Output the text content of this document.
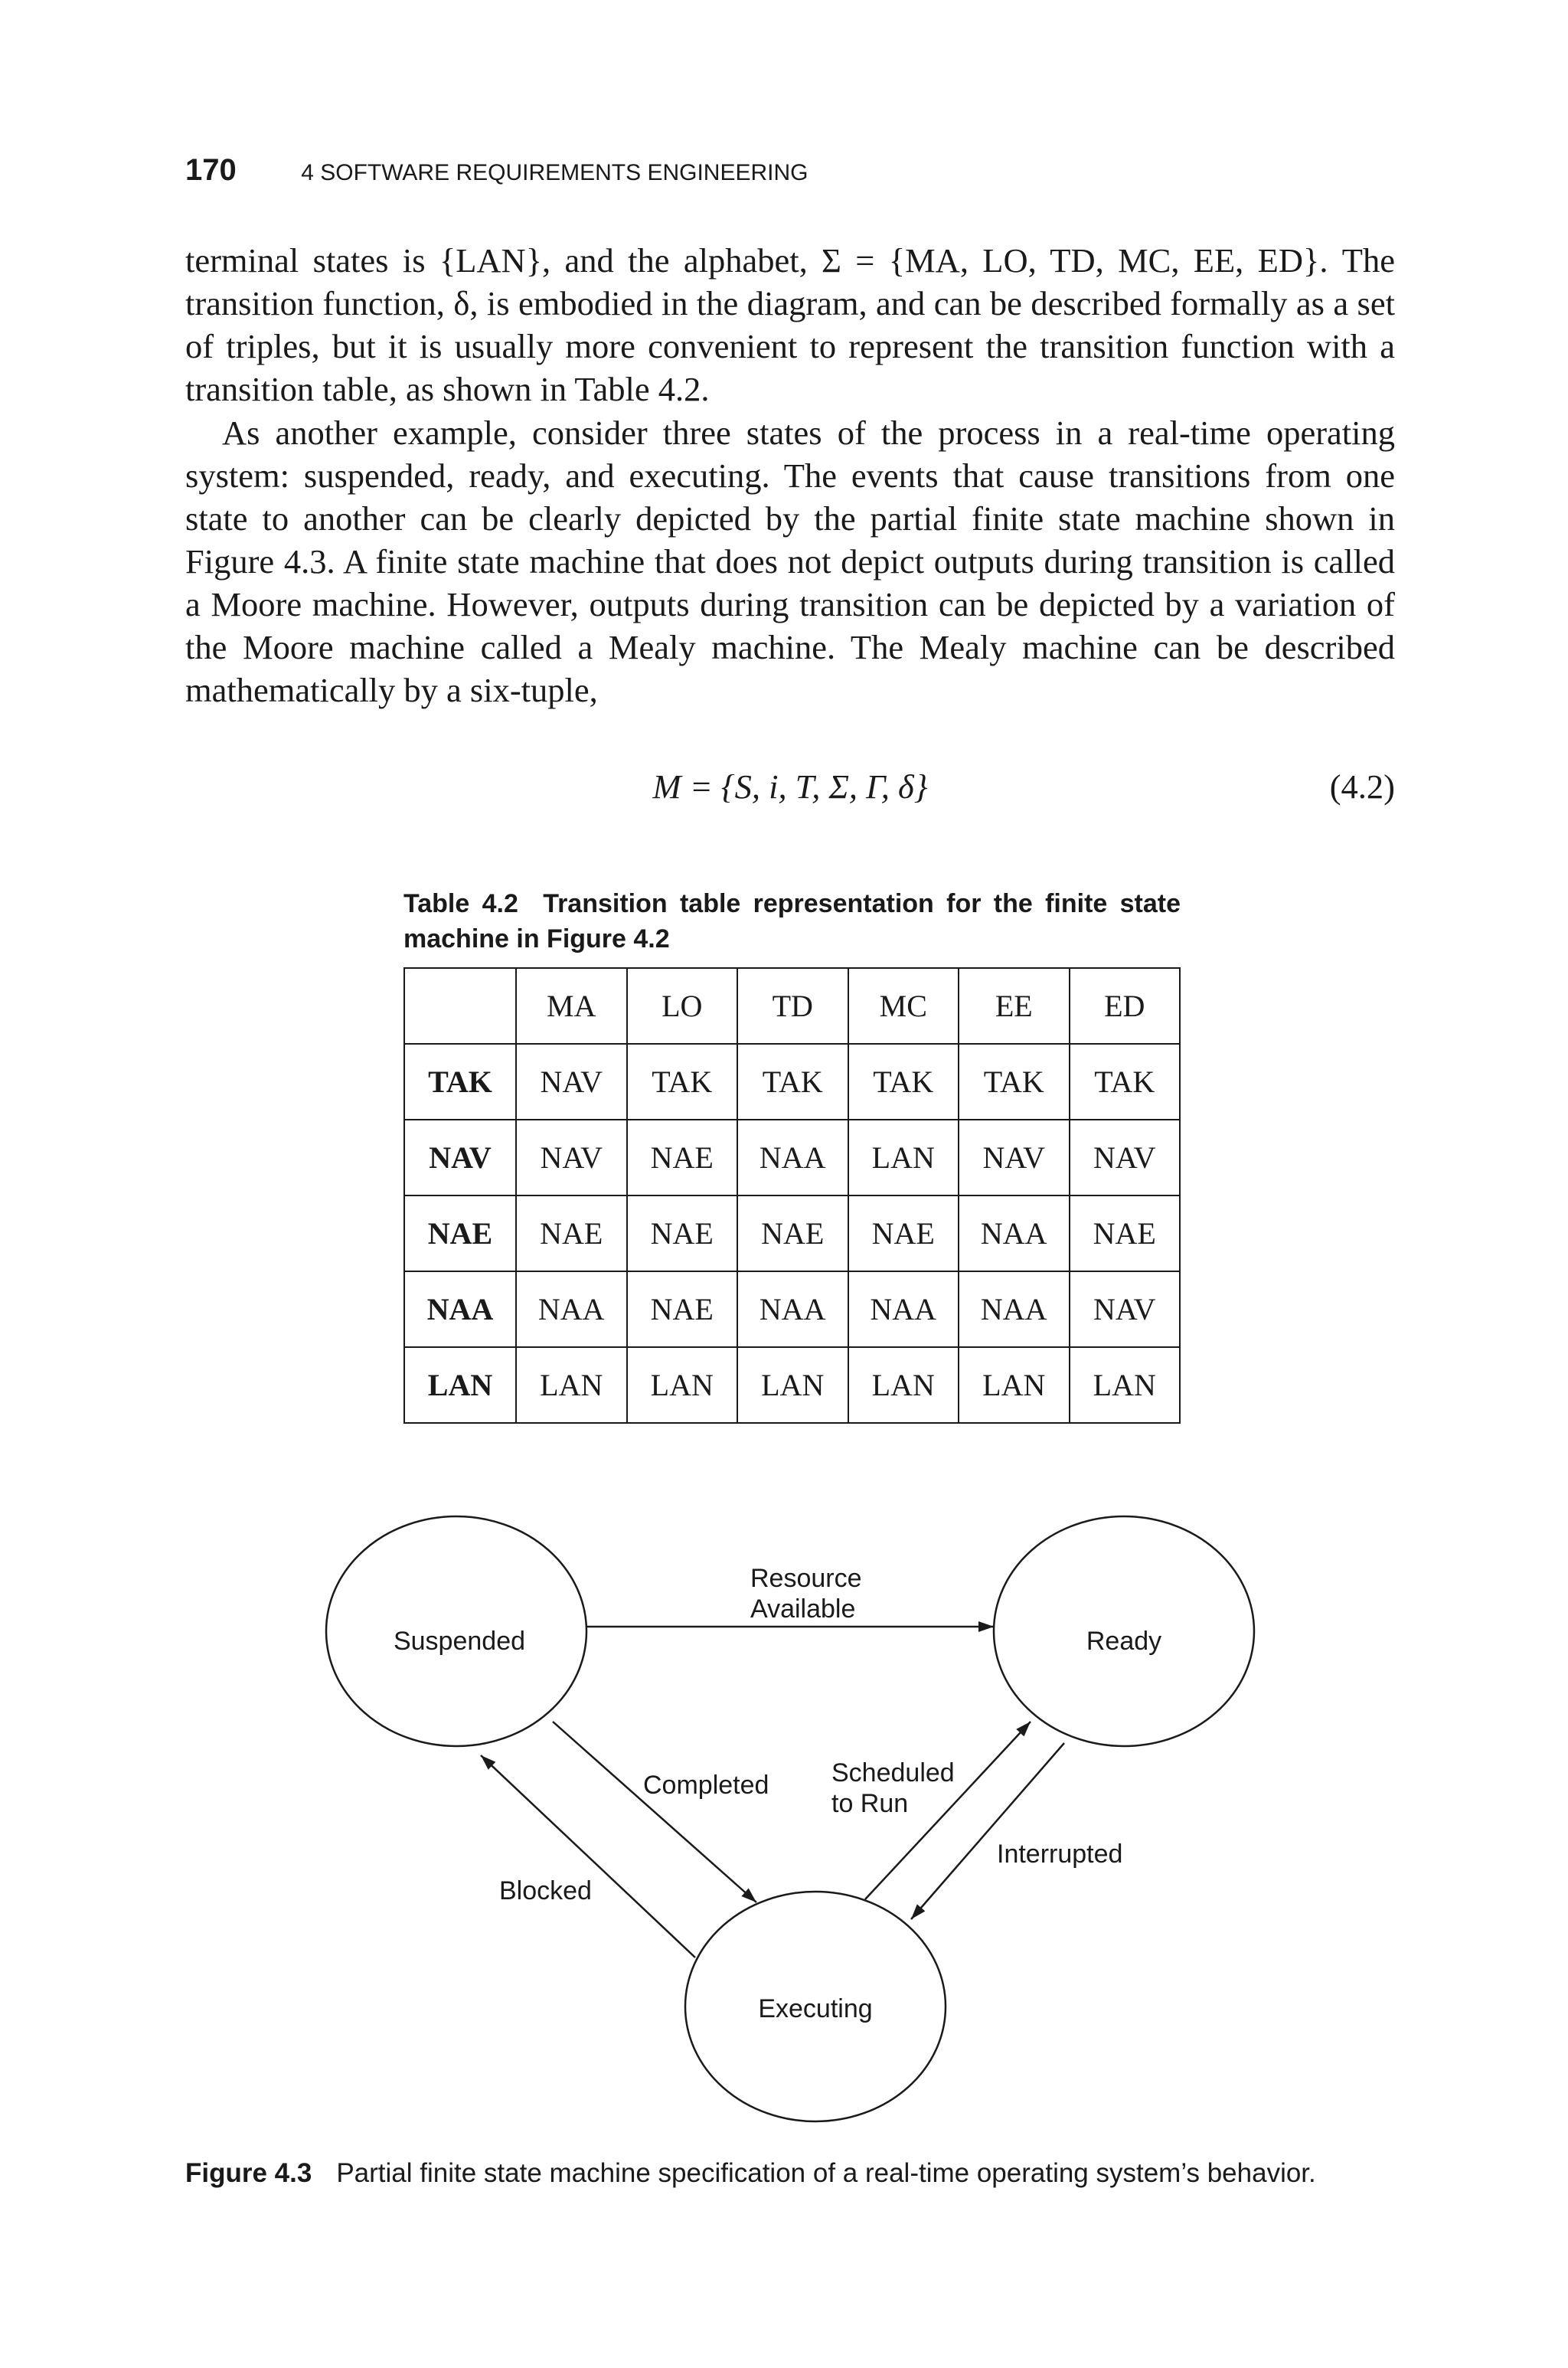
170	4 SOFTWARE REQUIREMENTS ENGINEERING

terminal states is {LAN}, and the alphabet, Σ = {MA, LO, TD, MC, EE, ED}. The transition function, δ, is embodied in the diagram, and can be described formally as a set of triples, but it is usually more convenient to represent the transition function with a transition table, as shown in Table 4.2.

As another example, consider three states of the process in a real-time operating system: suspended, ready, and executing. The events that cause transitions from one state to another can be clearly depicted by the partial finite state machine shown in Figure 4.3. A finite state machine that does not depict outputs during transition is called a Moore machine. However, outputs during transition can be depicted by a variation of the Moore machine called a Mealy machine. The Mealy machine can be described mathematically by a six-tuple,

M = {S, i, T, Σ, Γ, δ}	(4.2)

Table 4.2 Transition table representation for the finite state machine in Figure 4.2

	MA	LO	TD	MC	EE	ED
TAK	NAV	TAK	TAK	TAK	TAK	TAK
NAV	NAV	NAE	NAA	LAN	NAV	NAV
NAE	NAE	NAE	NAE	NAE	NAA	NAE
NAA	NAA	NAE	NAA	NAA	NAA	NAV
LAN	LAN	LAN	LAN	LAN	LAN	LAN
Suspended	Ready
Executing
Resource
Available
Completed Scheduled
to Run
Interrupted
Blocked

Figure 4.3 Partial finite state machine specification of a real-time operating system’s behavior.
